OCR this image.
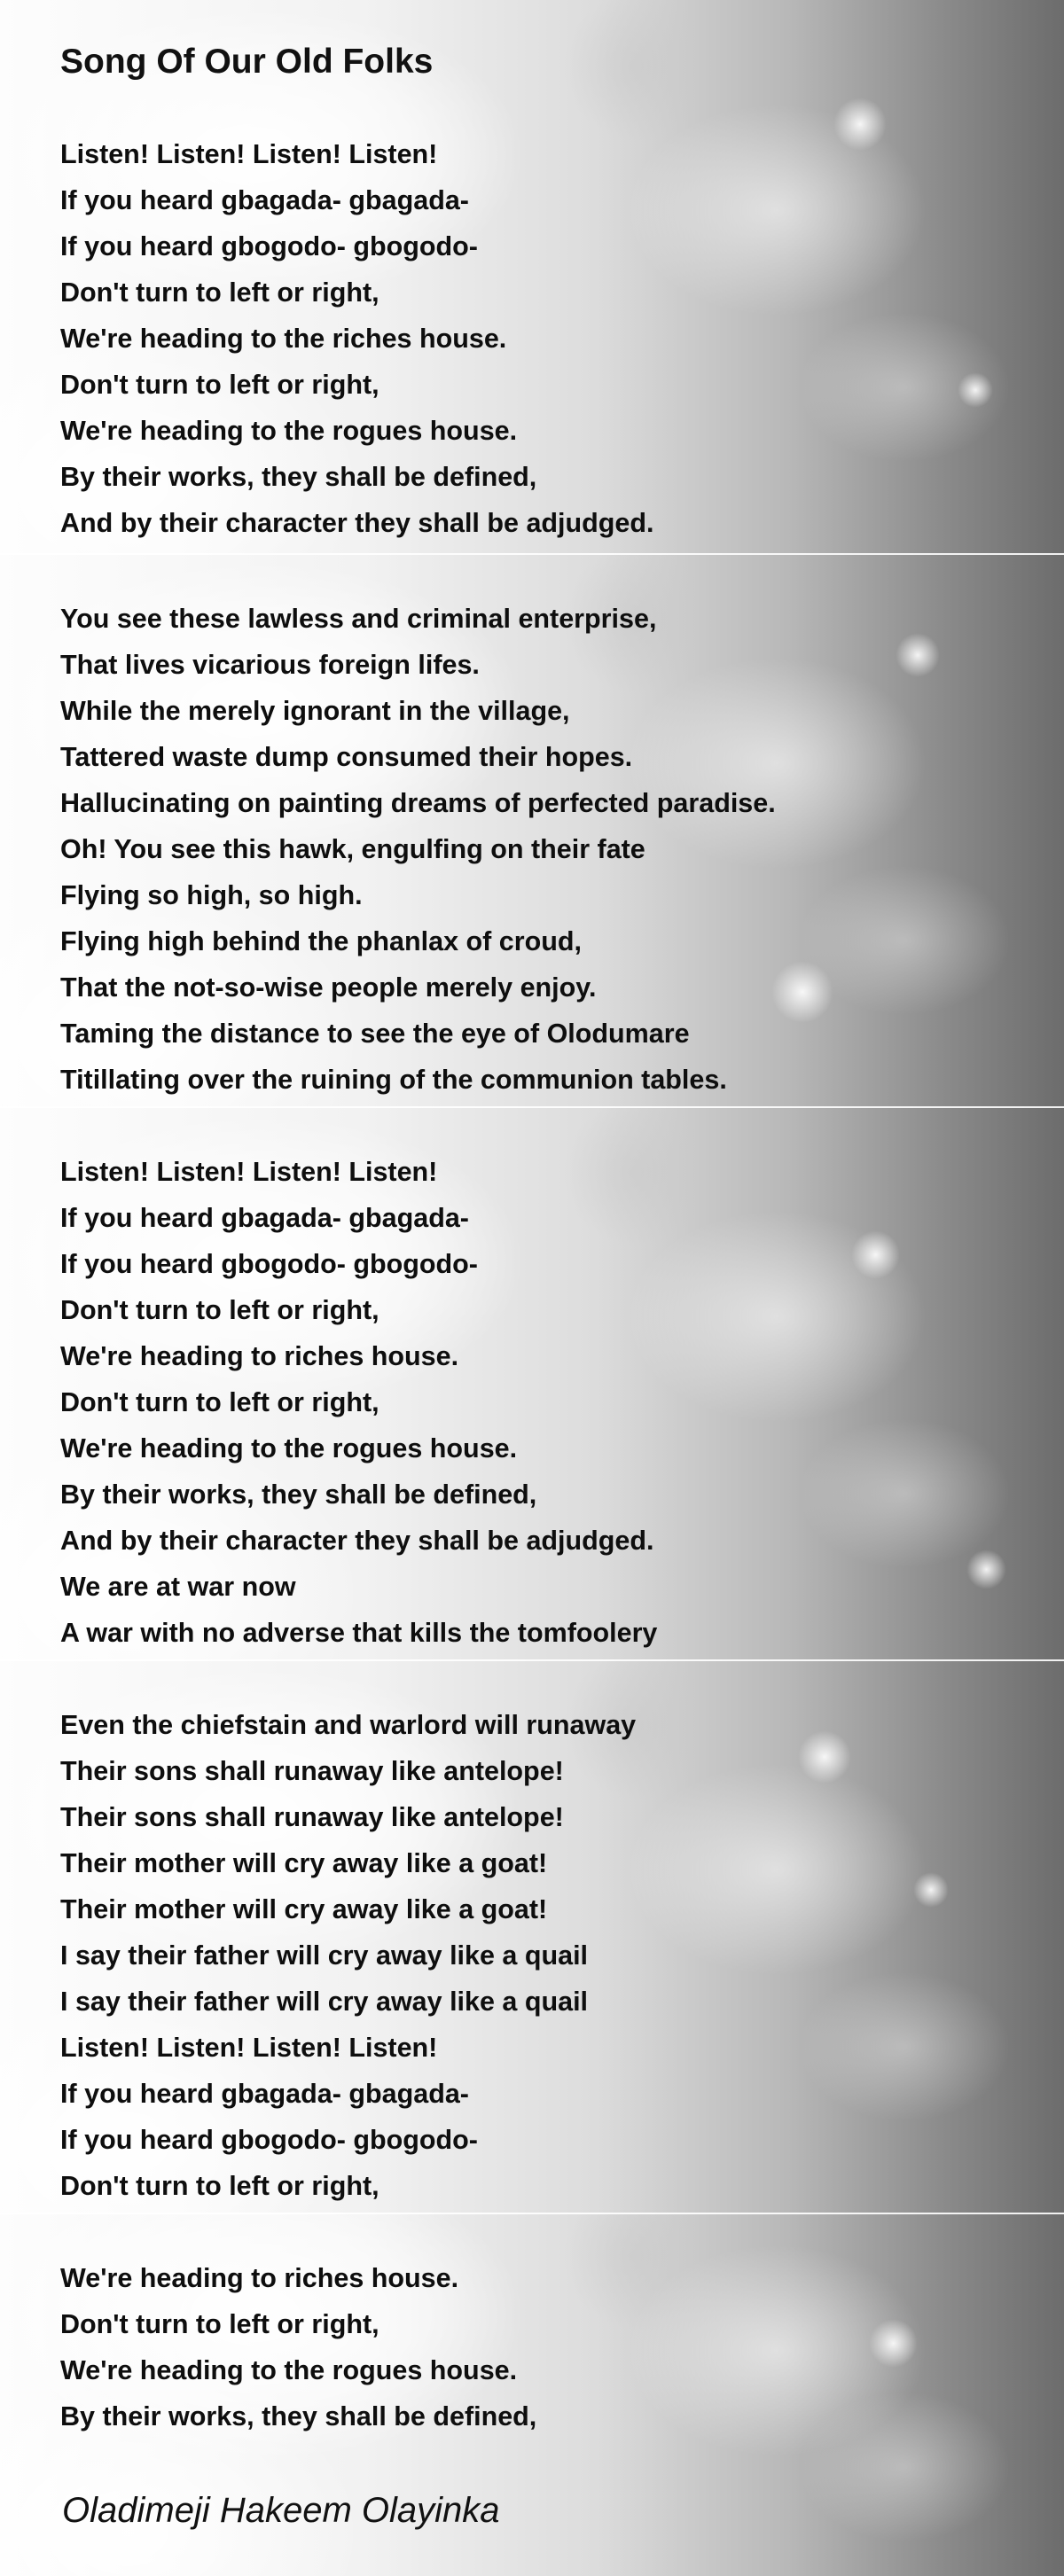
Song Of Our Old Folks
Listen! Listen! Listen! Listen!
If you heard gbagada- gbagada-
If you heard gbogodo- gbogodo-
Don't turn to left or right,
We're heading to the riches house.
Don't turn to left or right,
We're heading to the rogues house.
By their works, they shall be defined,
And by their character they shall be adjudged.
You see these lawless and criminal enterprise,
That lives vicarious foreign lifes.
While the merely ignorant in the village,
Tattered waste dump consumed their hopes.
Hallucinating on painting dreams of perfected paradise.
Oh! You see this hawk, engulfing on their fate
Flying so high, so high.
Flying high behind the phanlax of croud,
That the not-so-wise people merely enjoy.
Taming the distance to see the eye of Olodumare
Titillating over the ruining of the communion tables.
Listen! Listen! Listen! Listen!
If you heard gbagada- gbagada-
If you heard gbogodo- gbogodo-
Don't turn to left or right,
We're heading to riches house.
Don't turn to left or right,
We're heading to the rogues house.
By their works, they shall be defined,
And by their character they shall be adjudged.
We are at war now
A war with no adverse that kills the tomfoolery
Even the chiefstain and warlord will runaway
Their sons shall runaway like antelope!
Their sons shall runaway like antelope!
Their mother will cry away like a goat!
Their mother will cry away like a goat!
I say their father will cry away like a quail
I say their father will cry away like a quail
Listen! Listen! Listen! Listen!
If you heard gbagada- gbagada-
If you heard gbogodo- gbogodo-
Don't turn to left or right,
We're heading to riches house.
Don't turn to left or right,
We're heading to the rogues house.
By their works, they shall be defined,

Oladimeji Hakeem Olayinka
